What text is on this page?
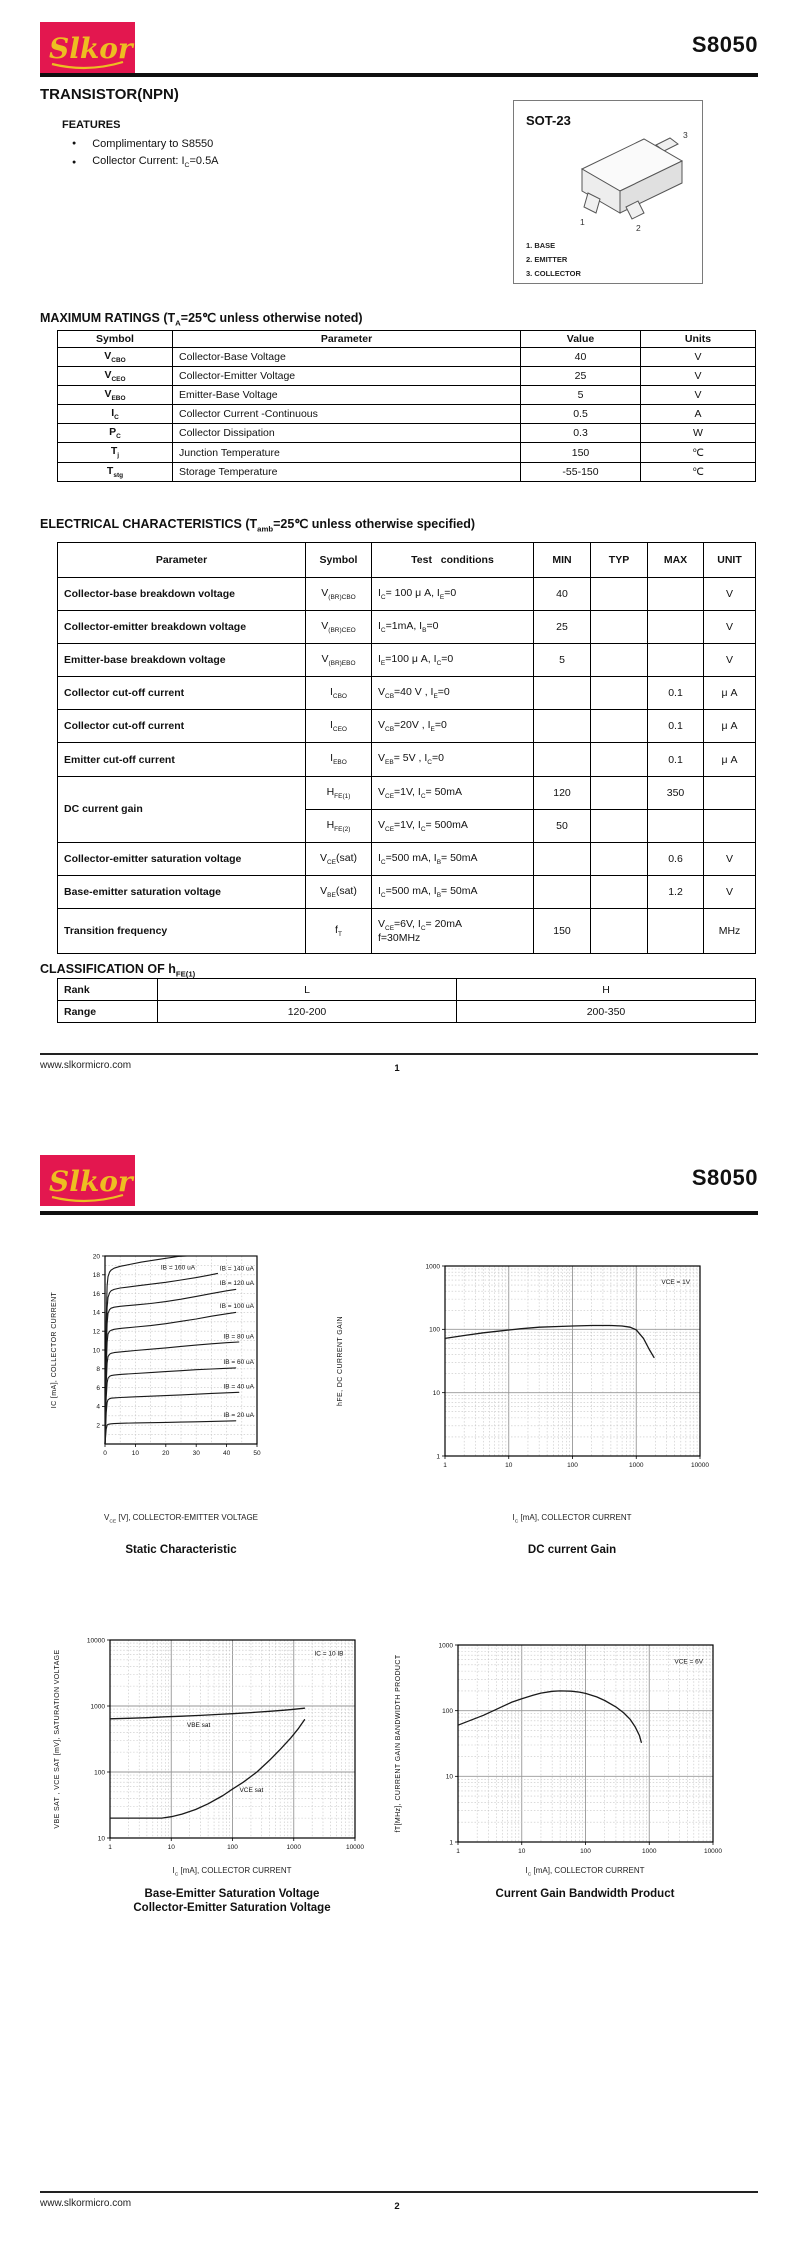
Slkor	S8050
TRANSISTOR(NPN)
FEATURES
● Complimentary to S8550
● Collector Current: $I_C=0.5A$
SOT-23
1
2
3
1. BASE
2. EMITTER
3. COLLECTOR
MAXIMUM RATINGS ($T_A=25℃$ unless otherwise noted)
Symbol	Parameter	Value	Units
$V_{CBO}$	Collector-Base Voltage	40	V
$V_{CEO}$	Collector-Emitter Voltage	25	V
$V_{EBO}$	Emitter-Base Voltage	5	V
$I_C$	Collector Current -Continuous	0.5	A
$P_C$	Collector Dissipation	0.3	W
$T_j$	Junction Temperature	150	℃
$T_{stg}$	Storage Temperature	-55-150	℃
ELECTRICAL CHARACTERISTICS ($T_{amb}=25℃$ unless otherwise specified)
Parameter	Symbol	Test   conditions	MIN	TYP	MAX	UNIT
Collector-base breakdown voltage	$V_{(BR)CBO}$	$I_C= 100$ μ A, $I_E=0$	40			V
Collector-emitter breakdown voltage	$V_{(BR)CEO}$	$I_C=1mA$, $I_B=0$	25			V
Emitter-base breakdown voltage	$V_{(BR)EBO}$	$I_E=100$ μ A, $I_C=0$	5			V
Collector cut-off current	$I_{CBO}$	$V_{CB}=40$ V , $I_E=0$			0.1	μ A
Collector cut-off current	$I_{CEO}$	$V_{CB}=20V$ , $I_E=0$			0.1	μ A
Emitter cut-off current	$I_{EBO}$	$V_{EB}= 5V$ , $I_C=0$			0.1	μ A
DC current gain	$H_{FE(1)}$	$V_{CE}=1V$, $I_C= 50mA$	120		350	
	$H_{FE(2)}$	$V_{CE}=1V$, $I_C= 500mA$	50			
Collector-emitter saturation voltage	$V_{CE}(sat)$	$I_C=500$ mA, $I_B= 50mA$			0.6	V
Base-emitter saturation voltage	$V_{BE}(sat)$	$I_C=500$ mA, $I_B= 50mA$			1.2	V
Transition frequency	$f_T$	$V_{CE}=6V$, $I_C= 20mA$
f=30MHz	150			MHz
CLASSIFICATION OF $h_{FE(1)}$
Rank	L	H
Range	120-200	200-350
www.slkormicro.com	1
Slkor	S8050
0	10	20	30	40	50
2
4
6
8
10
12
14
16
18
20
IC [mA], COLLECTOR CURRENT
IB = 160 uA	IB = 140 uA
IB = 120 uA
IB = 100 uA
IB = 80 uA
IB = 60 uA
IB = 40 uA
IB = 20 uA
1	10	100	1000	10000
1
10
100
1000
hFE, DC CURRENT GAIN
VCE = 1V
$V_{CE}$ [V], COLLECTOR-EMITTER VOLTAGE	$I_C$ [mA], COLLECTOR CURRENT
Static Characteristic	DC current Gain
1	10	100	1000	10000
10
100
1000
10000
VBE SAT , VCE SAT [mV], SATURATION VOLTAGE	VBE sat
VCE sat
IC = 10 IB
1	10	100	1000	10000
1
10
100
1000
fT[MHz], CURRENT GAIN BANDWIDTH PRODUCT	VCE = 6V
$I_C$ [mA], COLLECTOR CURRENT	$I_C$ [mA], COLLECTOR CURRENT
Base-Emitter Saturation Voltage
Collector-Emitter Saturation Voltage
Current Gain Bandwidth Product
www.slkormicro.com	2
